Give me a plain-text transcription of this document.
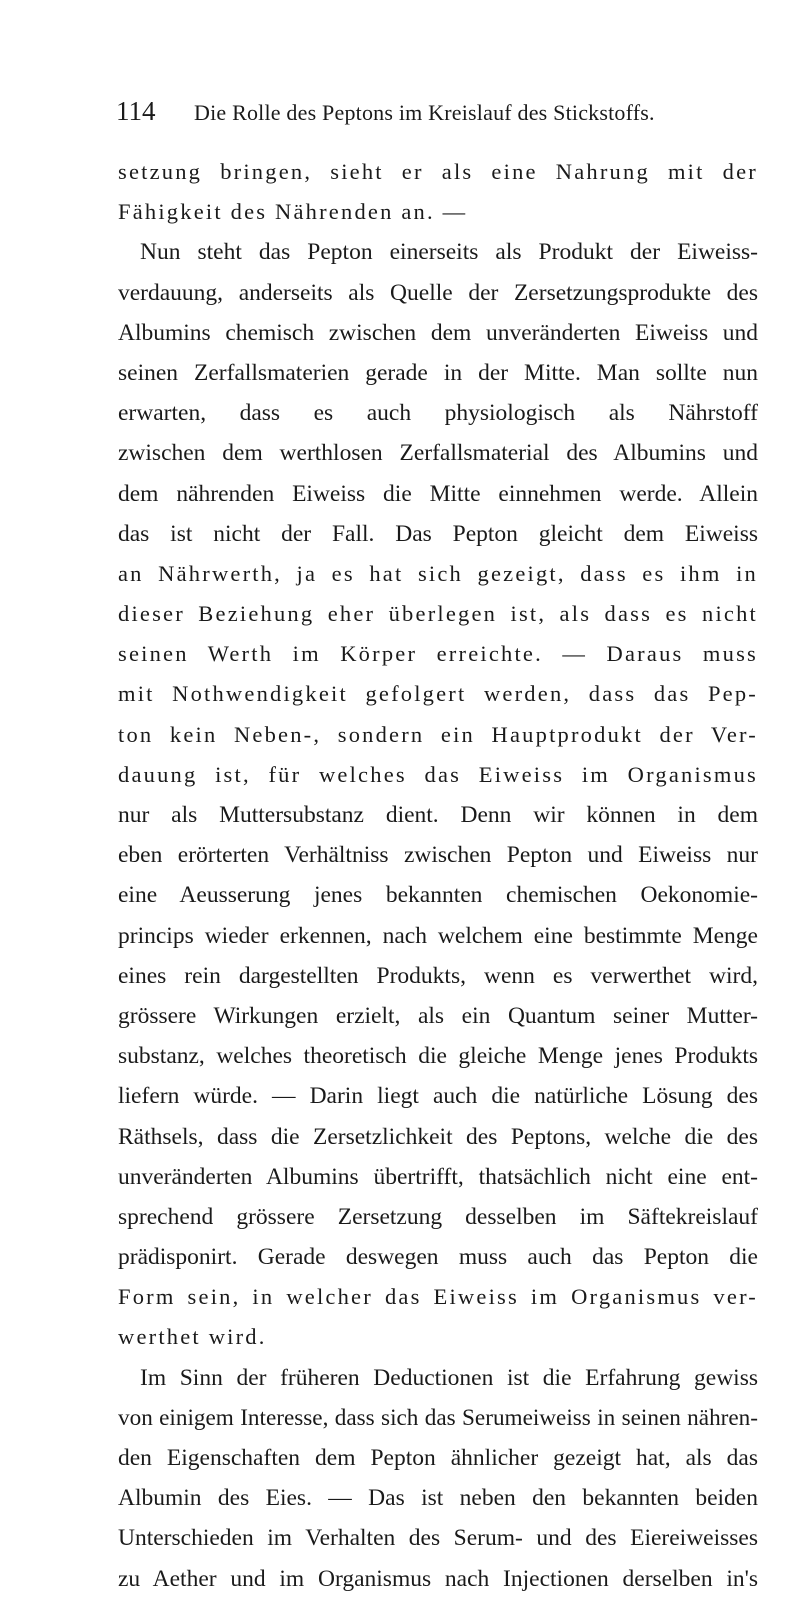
114	Die Rolle des Peptons im Kreislauf des Stickstoffs.
setzung bringen, sieht er als eine Nahrung mit der
Fähigkeit des Nährenden an. —
Nun steht das Pepton einerseits als Produkt der Eiweiss-
verdauung, anderseits als Quelle der Zersetzungsprodukte des
Albumins chemisch zwischen dem unveränderten Eiweiss und
seinen Zerfallsmaterien gerade in der Mitte. Man sollte nun
erwarten, dass es auch physiologisch als Nährstoff
zwischen dem werthlosen Zerfallsmaterial des Albumins und
dem nährenden Eiweiss die Mitte einnehmen werde. Allein
das ist nicht der Fall. Das Pepton gleicht dem Eiweiss
an Nährwerth, ja es hat sich gezeigt, dass es ihm in
dieser Beziehung eher überlegen ist, als dass es nicht
seinen Werth im Körper erreichte. — Daraus muss
mit Nothwendigkeit gefolgert werden, dass das Pep-
ton kein Neben-, sondern ein Hauptprodukt der Ver-
dauung ist, für welches das Eiweiss im Organismus
nur als Muttersubstanz dient. Denn wir können in dem
eben erörterten Verhältniss zwischen Pepton und Eiweiss nur
eine Aeusserung jenes bekannten chemischen Oekonomie-
princips wieder erkennen, nach welchem eine bestimmte Menge
eines rein dargestellten Produkts, wenn es verwerthet wird,
grössere Wirkungen erzielt, als ein Quantum seiner Mutter-
substanz, welches theoretisch die gleiche Menge jenes Produkts
liefern würde. — Darin liegt auch die natürliche Lösung des
Räthsels, dass die Zersetzlichkeit des Peptons, welche die des
unveränderten Albumins übertrifft, thatsächlich nicht eine ent-
sprechend grössere Zersetzung desselben im Säftekreislauf
prädisponirt. Gerade deswegen muss auch das Pepton die
Form sein, in welcher das Eiweiss im Organismus ver-
werthet wird.
Im Sinn der früheren Deductionen ist die Erfahrung gewiss
von einigem Interesse, dass sich das Serumeiweiss in seinen nähren-
den Eigenschaften dem Pepton ähnlicher gezeigt hat, als das
Albumin des Eies. — Das ist neben den bekannten beiden
Unterschieden im Verhalten des Serum- und des Eiereiweisses
zu Aether und im Organismus nach Injectionen derselben in's
